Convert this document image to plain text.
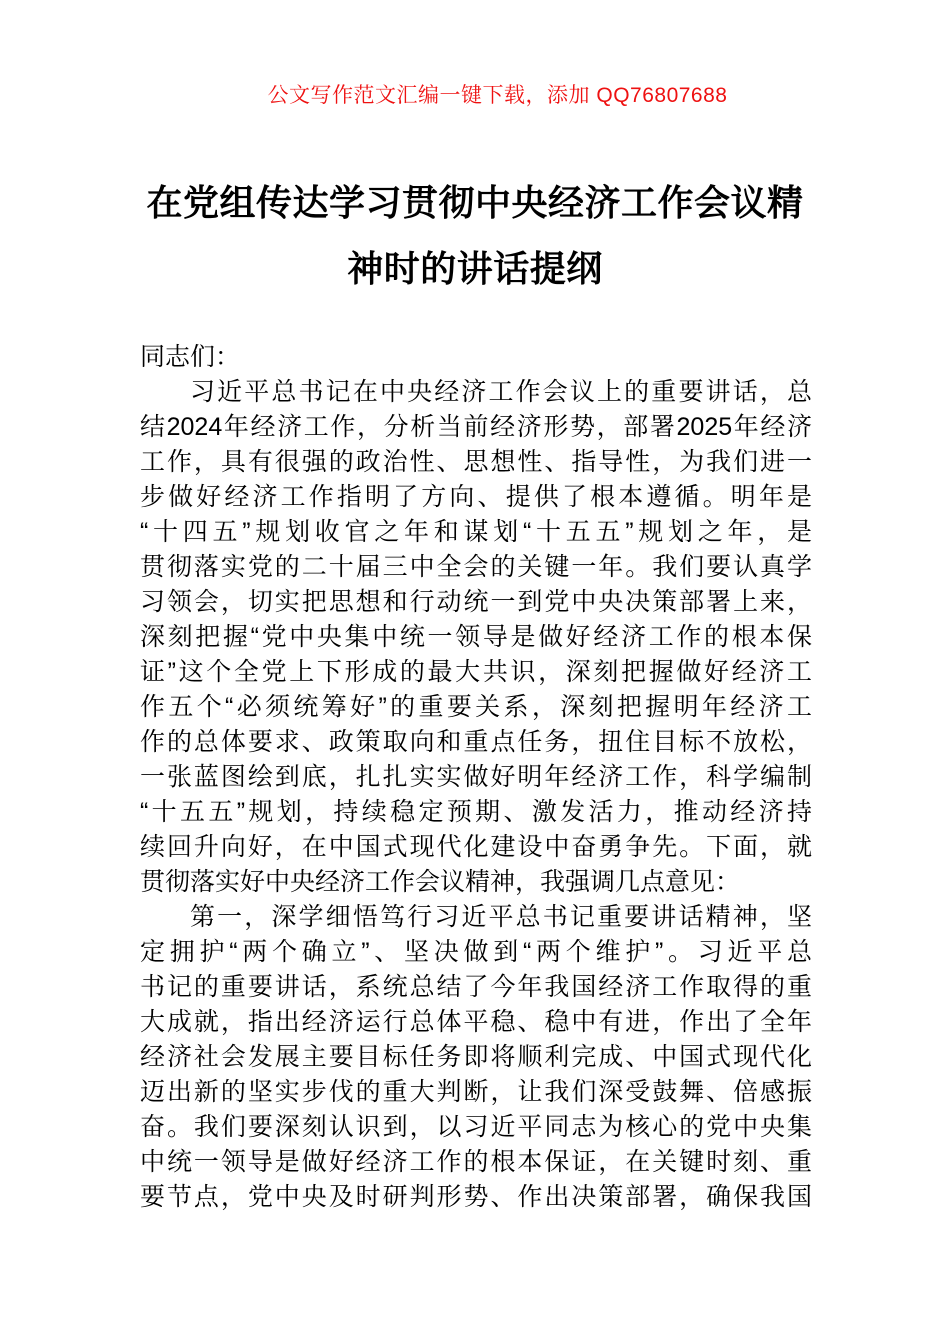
公文写作范文汇编一键下载，添加 QQ76807688
在党组传达学习贯彻中央经济工作会议精
神时的讲话提纲
同志们：
习近平总书记在中央经济工作会议上的重要讲话，总
结2024年经济工作，分析当前经济形势，部署2025年经济
工作，具有很强的政治性、思想性、指导性，为我们进一
步做好经济工作指明了方向、提供了根本遵循。明年是
“十四五”规划收官之年和谋划“十五五”规划之年，是
贯彻落实党的二十届三中全会的关键一年。我们要认真学
习领会，切实把思想和行动统一到党中央决策部署上来，
深刻把握“党中央集中统一领导是做好经济工作的根本保
证”这个全党上下形成的最大共识，深刻把握做好经济工
作五个“必须统筹好”的重要关系，深刻把握明年经济工
作的总体要求、政策取向和重点任务，扭住目标不放松，
一张蓝图绘到底，扎扎实实做好明年经济工作，科学编制
“十五五”规划，持续稳定预期、激发活力，推动经济持
续回升向好，在中国式现代化建设中奋勇争先。下面，就
贯彻落实好中央经济工作会议精神，我强调几点意见：
第一，深学细悟笃行习近平总书记重要讲话精神，坚
定拥护“两个确立”、坚决做到“两个维护”。习近平总
书记的重要讲话，系统总结了今年我国经济工作取得的重
大成就，指出经济运行总体平稳、稳中有进，作出了全年
经济社会发展主要目标任务即将顺利完成、中国式现代化
迈出新的坚实步伐的重大判断，让我们深受鼓舞、倍感振
奋。我们要深刻认识到，以习近平同志为核心的党中央集
中统一领导是做好经济工作的根本保证，在关键时刻、重
要节点，党中央及时研判形势、作出决策部署，确保我国
